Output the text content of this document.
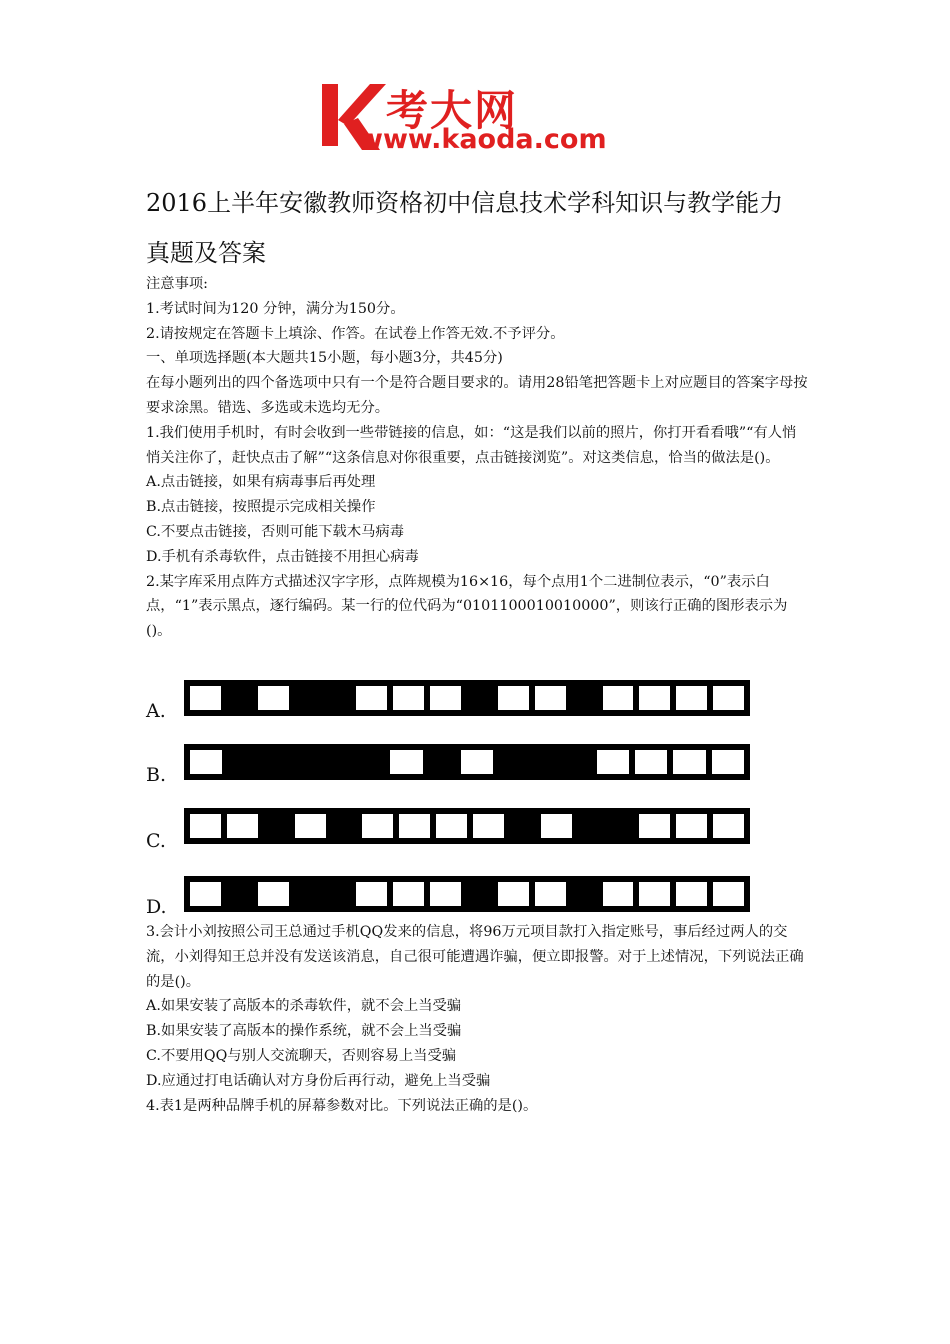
考大网
www.kaoda.com
2016上半年安徽教师资格初中信息技术学科知识与教学能力真题及答案

注意事项:

1.考试时间为120 分钟，满分为150分。

2.请按规定在答题卡上填涂、作答。在试卷上作答无效.不予评分。

一、单项选择题(本大题共15小题，每小题3分，共45分)

在每小题列出的四个备选项中只有一个是符合题目要求的。请用28铅笔把答题卡上对应题目的答案字母按要求涂黑。错选、多选或未选均无分。

1.我们使用手机时，有时会收到一些带链接的信息，如：“这是我们以前的照片，你打开看看哦”“有人悄悄关注你了，赶快点击了解”“这条信息对你很重要，点击链接浏览”。对这类信息，恰当的做法是()。

A.点击链接，如果有病毒事后再处理

B.点击链接，按照提示完成相关操作

C.不要点击链接，否则可能下载木马病毒

D.手机有杀毒软件，点击链接不用担心病毒

2.某字库采用点阵方式描述汉字字形，点阵规模为16×16，每个点用1个二进制位表示，“0”表示白点，“1”表示黑点，逐行编码。某一行的位代码为“0101100010010000”，则该行正确的图形表示为()。

A.
B.
C.
D.

3.会计小刘按照公司王总通过手机QQ发来的信息，将96万元项目款打入指定账号，事后经过两人的交流，小刘得知王总并没有发送该消息，自己很可能遭遇诈骗，便立即报警。对于上述情况，下列说法正确的是()。

A.如果安装了高版本的杀毒软件，就不会上当受骗

B.如果安装了高版本的操作系统，就不会上当受骗

C.不要用QQ与别人交流聊天，否则容易上当受骗

D.应通过打电话确认对方身份后再行动，避免上当受骗

4.表1是两种品牌手机的屏幕参数对比。下列说法正确的是()。
